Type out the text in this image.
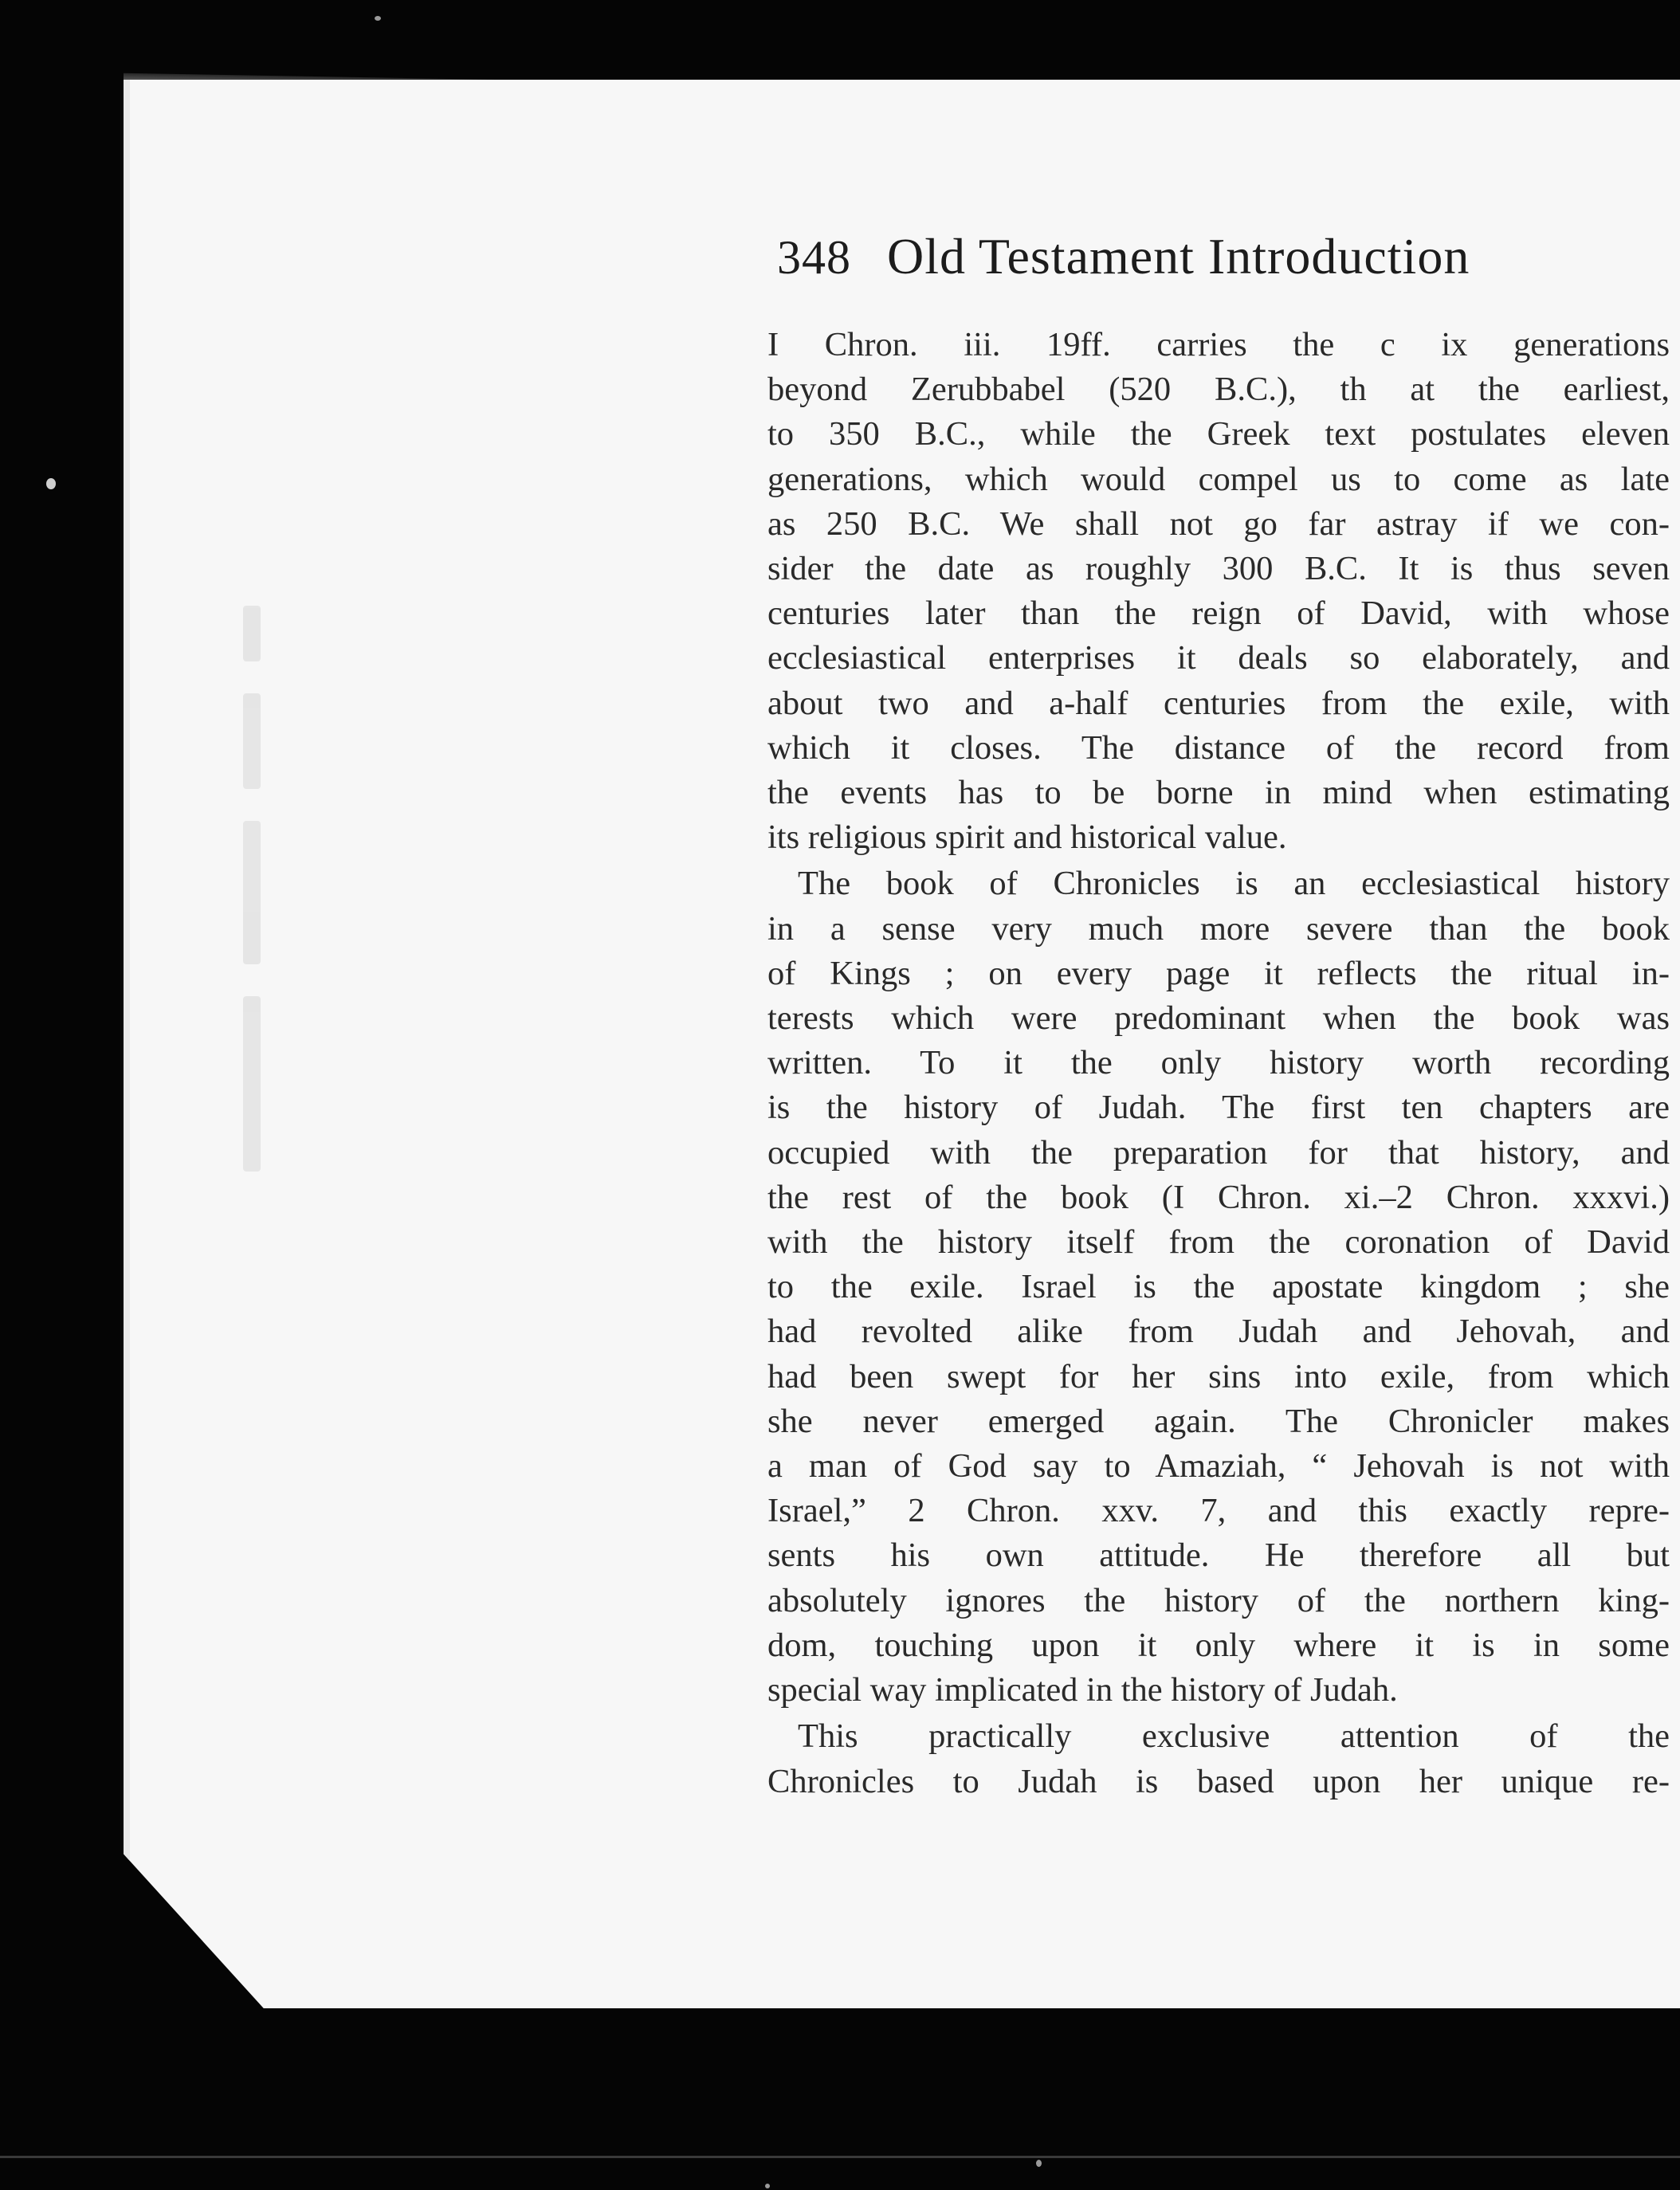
348 Old Testament Introduction
I Chron. iii. 19ff. carries the c ix generations
beyond Zerubbabel (520 B.C.), th at the earliest,
to 350 B.C., while the Greek text postulates eleven
generations, which would compel us to come as late
as 250 B.C. We shall not go far astray if we con-
sider the date as roughly 300 B.C. It is thus seven
centuries later than the reign of David, with whose
ecclesiastical enterprises it deals so elaborately, and
about two and a-half centuries from the exile, with
which it closes. The distance of the record from
the events has to be borne in mind when estimating
its religious spirit and historical value.
The book of Chronicles is an ecclesiastical history
in a sense very much more severe than the book
of Kings ; on every page it reflects the ritual in-
terests which were predominant when the book was
written. To it the only history worth recording
is the history of Judah. The first ten chapters are
occupied with the preparation for that history, and
the rest of the book (I Chron. xi.–2 Chron. xxxvi.)
with the history itself from the coronation of David
to the exile. Israel is the apostate kingdom ; she
had revolted alike from Judah and Jehovah, and
had been swept for her sins into exile, from which
she never emerged again. The Chronicler makes
a man of God say to Amaziah, “ Jehovah is not with
Israel,” 2 Chron. xxv. 7, and this exactly repre-
sents his own attitude. He therefore all but
absolutely ignores the history of the northern king-
dom, touching upon it only where it is in some
special way implicated in the history of Judah.
This practically exclusive attention of the
Chronicles to Judah is based upon her unique re-
